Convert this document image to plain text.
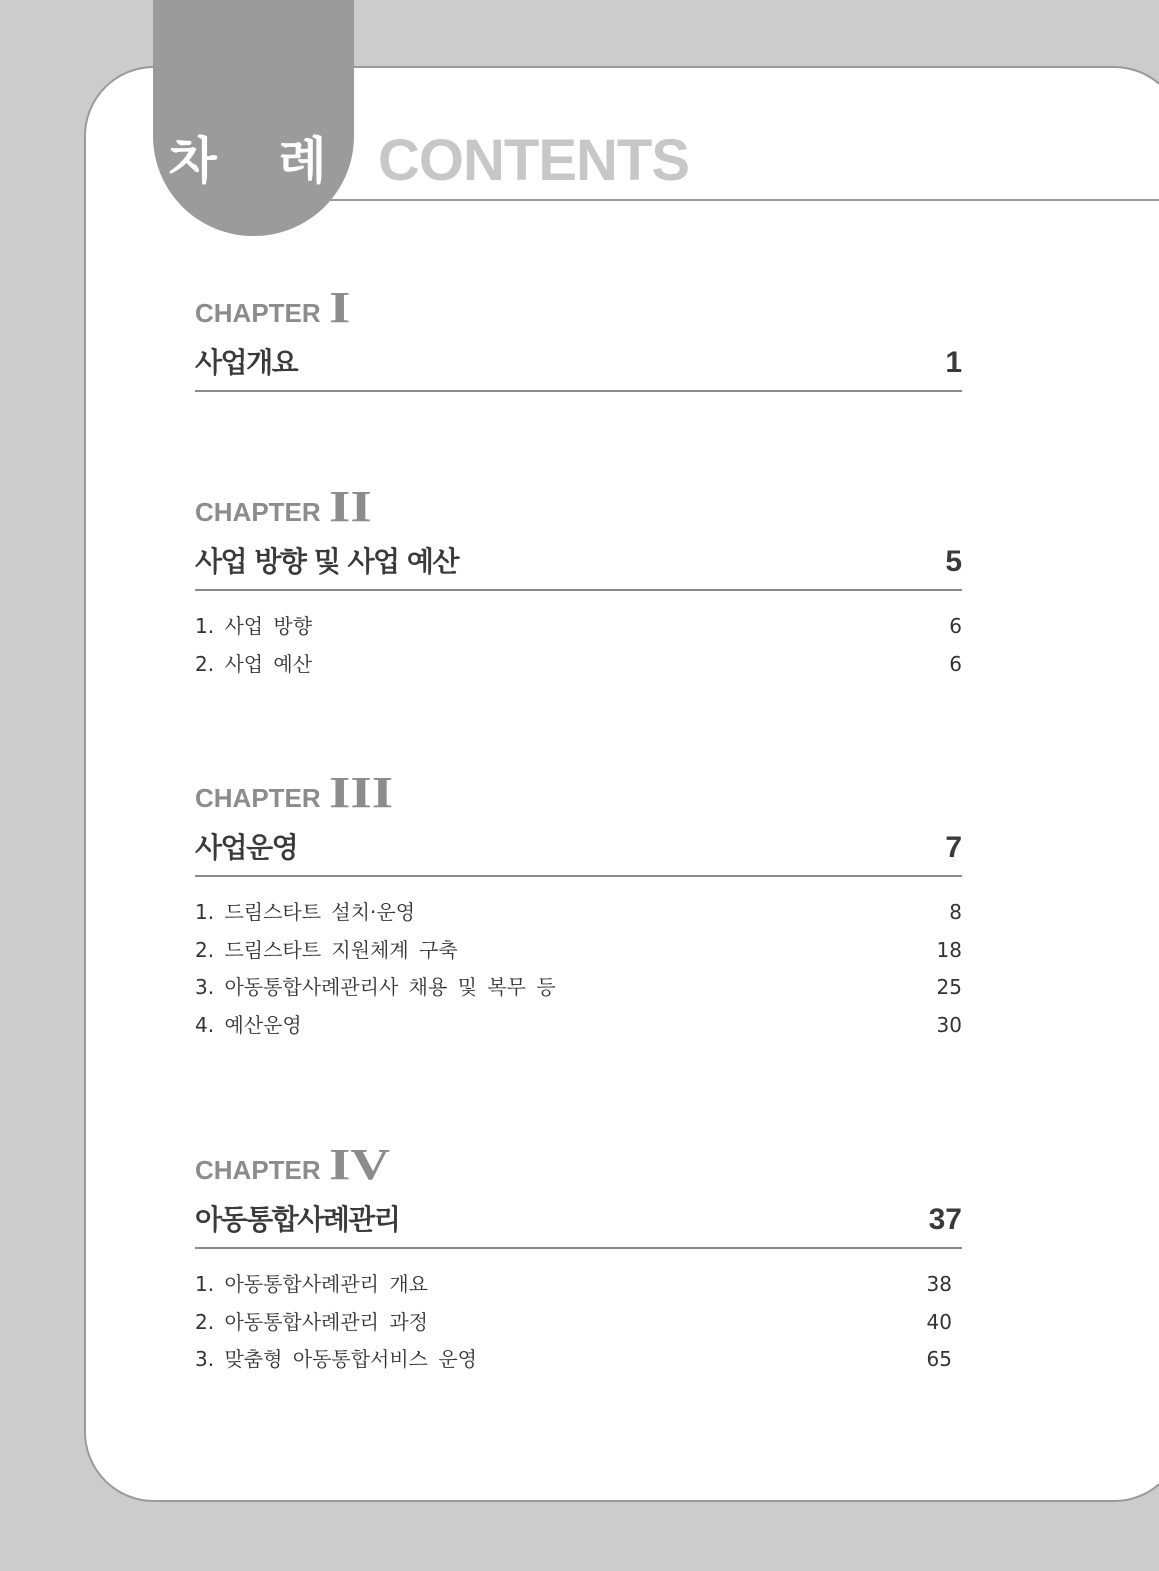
차 례 CONTENTS
CHAPTER I
사업개요	1
CHAPTER II
사업 방향 및 사업 예산	5
1. 사업 방향	6
2. 사업 예산	6
CHAPTER III
사업운영	7
1. 드림스타트 설치·운영	8
2. 드림스타트 지원체계 구축	18
3. 아동통합사례관리사 채용 및 복무 등	25
4. 예산운영	30
CHAPTER IV
아동통합사례관리	37
1. 아동통합사례관리 개요	38
2. 아동통합사례관리 과정	40
3. 맞춤형 아동통합서비스 운영	65
